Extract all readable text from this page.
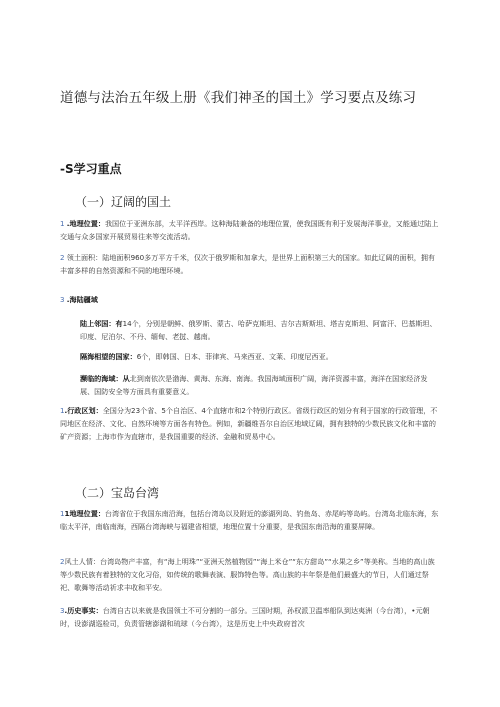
道德与法治五年级上册《我们神圣的国土》学习要点及练习
-S学习重点
（一）辽阔的国土
1 .地理位置：我国位于亚洲东部，太平洋西岸。这种海陆兼备的地理位置，使我国既有利于发展海洋事业，又能通过陆上交通与众多国家开展贸易往来等交流活动。
2 领土面积：陆地面积960多万平方千米，仅次于俄罗斯和加拿大，是世界上面积第三大的国家。如此辽阔的面积，拥有丰富多样的自然资源和不同的地理环境。
3 .海陆疆域
陆上邻国：有14个，分别是朝鲜、俄罗斯、蒙古、哈萨克斯坦、吉尔吉斯斯坦、塔吉克斯坦、阿富汗、巴基斯坦、印度、尼泊尔、不丹、缅甸、老挝、越南。
隔海相望的国家：6个，即韩国、日本、菲律宾、马来西亚、文莱、印度尼西亚。
濒临的海域：从北到南依次是渤海、黄海、东海、南海。我国海域面积广阔，海洋资源丰富，海洋在国家经济发展、国防安全等方面具有重要意义。
1.行政区划：全国分为23个省、5个自治区、4个直辖市和2个特别行政区。省级行政区的划分有利于国家的行政管理，不同地区在经济、文化、自然环境等方面各有特色。例如，新疆维吾尔自治区地域辽阔，拥有独特的少数民族文化和丰富的矿产资源；上海市作为直辖市，是我国重要的经济、金融和贸易中心。
（二）宝岛台湾
11地理位置：台湾省位于我国东南沿海，包括台湾岛以及附近的澎湖列岛、钓鱼岛、赤尾屿等岛屿。台湾岛北临东海，东临太平洋，南临南海，西隔台湾海峡与福建省相望，地理位置十分重要，是我国东南沿海的重要屏障。
2风土人情：台湾岛物产丰富，有“海上明珠”“亚洲天然植物园”“海上米仓”“东方甜岛”“水果之乡”等美称。当地的高山族等少数民族有着独特的文化习俗，如传统的歌舞表演、服饰特色等。高山族的丰年祭是他们最盛大的节日，人们通过祭祀、歌舞等活动祈求丰收和平安。
3.历史事实：台湾自古以来就是我国领土不可分割的一部分。三国时期，孙权派卫温率船队到达夷洲（今台湾），•元朝时，设澎湖巡检司，负责管辖澎湖和琉球（今台湾），这是历史上中央政府首次
